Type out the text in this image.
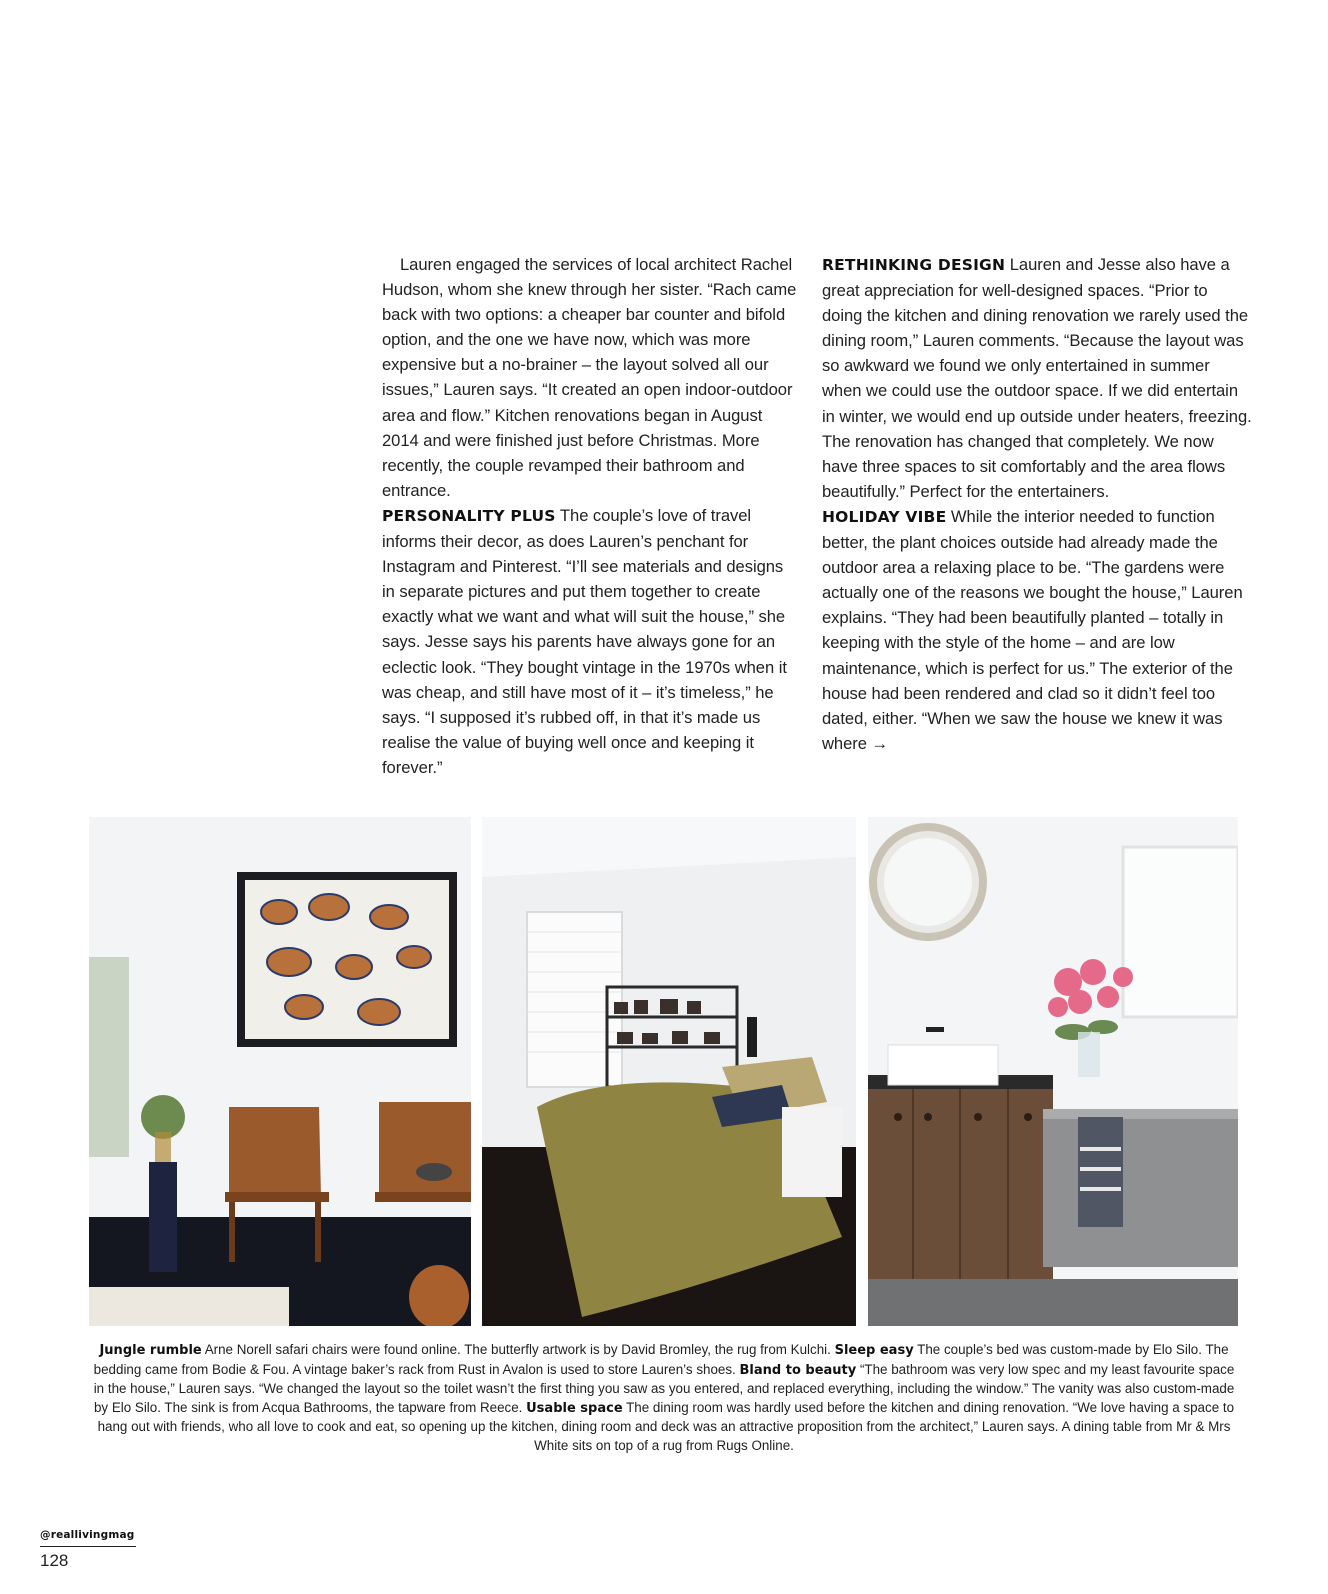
Lauren engaged the services of local architect Rachel Hudson, whom she knew through her sister. “Rach came back with two options: a cheaper bar counter and bifold option, and the one we have now, which was more expensive but a no-brainer – the layout solved all our issues,” Lauren says. “It created an open indoor-outdoor area and flow.” Kitchen renovations began in August 2014 and were finished just before Christmas. More recently, the couple revamped their bathroom and entrance.

PERSONALITY PLUS The couple’s love of travel informs their decor, as does Lauren’s penchant for Instagram and Pinterest. “I’ll see materials and designs in separate pictures and put them together to create exactly what we want and what will suit the house,” she says. Jesse says his parents have always gone for an eclectic look. “They bought vintage in the 1970s when it was cheap, and still have most of it – it’s timeless,” he says. “I supposed it’s rubbed off, in that it’s made us realise the value of buying well once and keeping it forever.”

RETHINKING DESIGN Lauren and Jesse also have a great appreciation for well-designed spaces. “Prior to doing the kitchen and dining renovation we rarely used the dining room,” Lauren comments. “Because the layout was so awkward we found we only entertained in summer when we could use the outdoor space. If we did entertain in winter, we would end up outside under heaters, freezing. The renovation has changed that completely. We now have three spaces to sit comfortably and the area flows beautifully.” Perfect for the entertainers.

HOLIDAY VIBE While the interior needed to function better, the plant choices outside had already made the outdoor area a relaxing place to be. “The gardens were actually one of the reasons we bought the house,” Lauren explains. “They had been beautifully planted – totally in keeping with the style of the home – and are low maintenance, which is perfect for us.” The exterior of the house had been rendered and clad so it didn’t feel too dated, either. “When we saw the house we knew it was where →

Jungle rumble Arne Norell safari chairs were found online. The butterfly artwork is by David Bromley, the rug from Kulchi. Sleep easy The couple’s bed was custom-made by Elo Silo. The bedding came from Bodie & Fou. A vintage baker’s rack from Rust in Avalon is used to store Lauren’s shoes. Bland to beauty “The bathroom was very low spec and my least favourite space in the house,” Lauren says. “We changed the layout so the toilet wasn’t the first thing you saw as you entered, and replaced everything, including the window.” The vanity was also custom-made by Elo Silo. The sink is from Acqua Bathrooms, the tapware from Reece. Usable space The dining room was hardly used before the kitchen and dining renovation. “We love having a space to hang out with friends, who all love to cook and eat, so opening up the kitchen, dining room and deck was an attractive proposition from the architect,” Lauren says. A dining table from Mr & Mrs White sits on top of a rug from Rugs Online.
@reallivingmag
128
